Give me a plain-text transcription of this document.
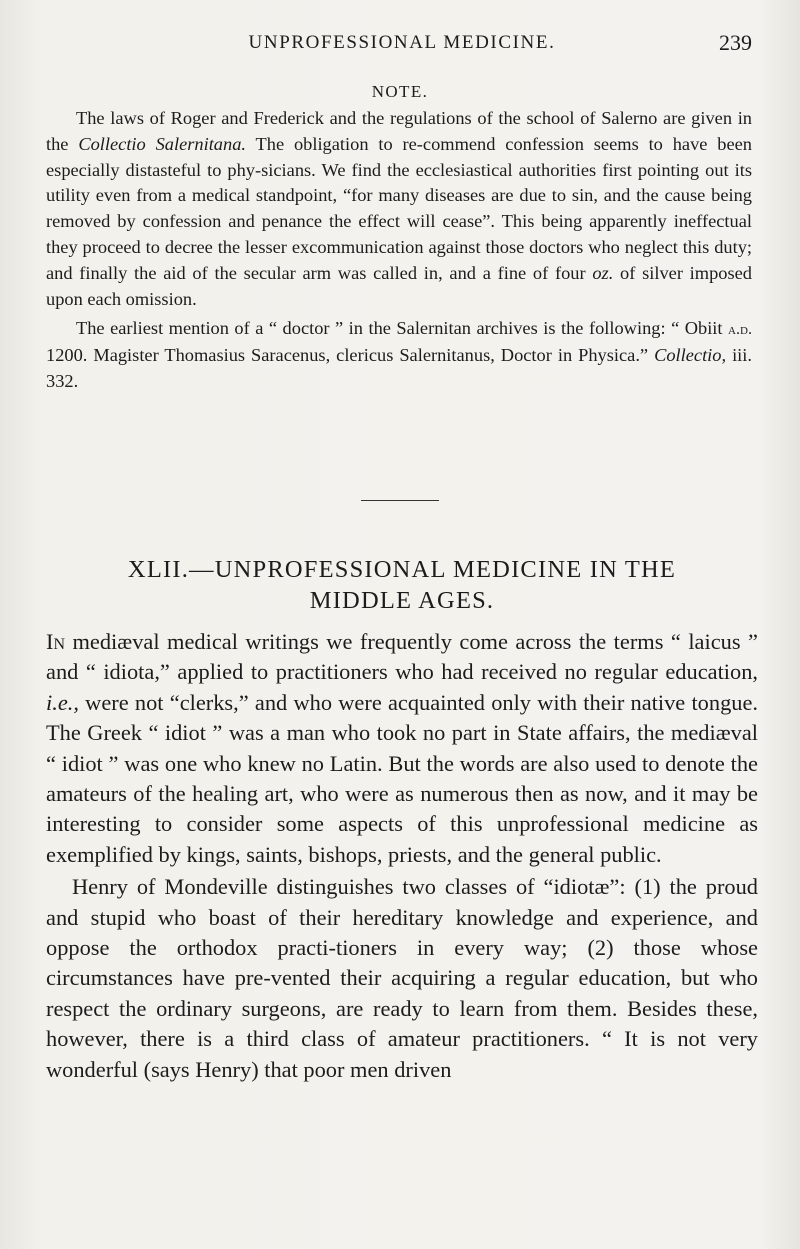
UNPROFESSIONAL MEDICINE.	239
NOTE.

The laws of Roger and Frederick and the regulations of the school of Salerno are given in the Collectio Salernitana. The obligation to re-commend confession seems to have been especially distasteful to phy-sicians. We find the ecclesiastical authorities first pointing out its utility even from a medical standpoint, “for many diseases are due to sin, and the cause being removed by confession and penance the effect will cease”. This being apparently ineffectual they proceed to decree the lesser excommunication against those doctors who neglect this duty; and finally the aid of the secular arm was called in, and a fine of four oz. of silver imposed upon each omission.

The earliest mention of a “ doctor ” in the Salernitan archives is the following: “ Obiit a.d. 1200. Magister Thomasius Saracenus, clericus Salernitanus, Doctor in Physica.” Collectio, iii. 332.

XLII.—UNPROFESSIONAL MEDICINE IN THE
MIDDLE AGES.

In mediæval medical writings we frequently come across the terms “ laicus ” and “ idiota,” applied to practitioners who had received no regular education, i.e., were not “clerks,” and who were acquainted only with their native tongue. The Greek “ idiot ” was a man who took no part in State affairs, the mediæval “ idiot ” was one who knew no Latin. But the words are also used to denote the amateurs of the healing art, who were as numerous then as now, and it may be interesting to consider some aspects of this unprofessional medicine as exemplified by kings, saints, bishops, priests, and the general public.

Henry of Mondeville distinguishes two classes of “idiotæ”: (1) the proud and stupid who boast of their hereditary knowledge and experience, and oppose the orthodox practi-tioners in every way; (2) those whose circumstances have pre-vented their acquiring a regular education, but who respect the ordinary surgeons, are ready to learn from them. Besides these, however, there is a third class of amateur practitioners. “ It is not very wonderful (says Henry) that poor men driven
